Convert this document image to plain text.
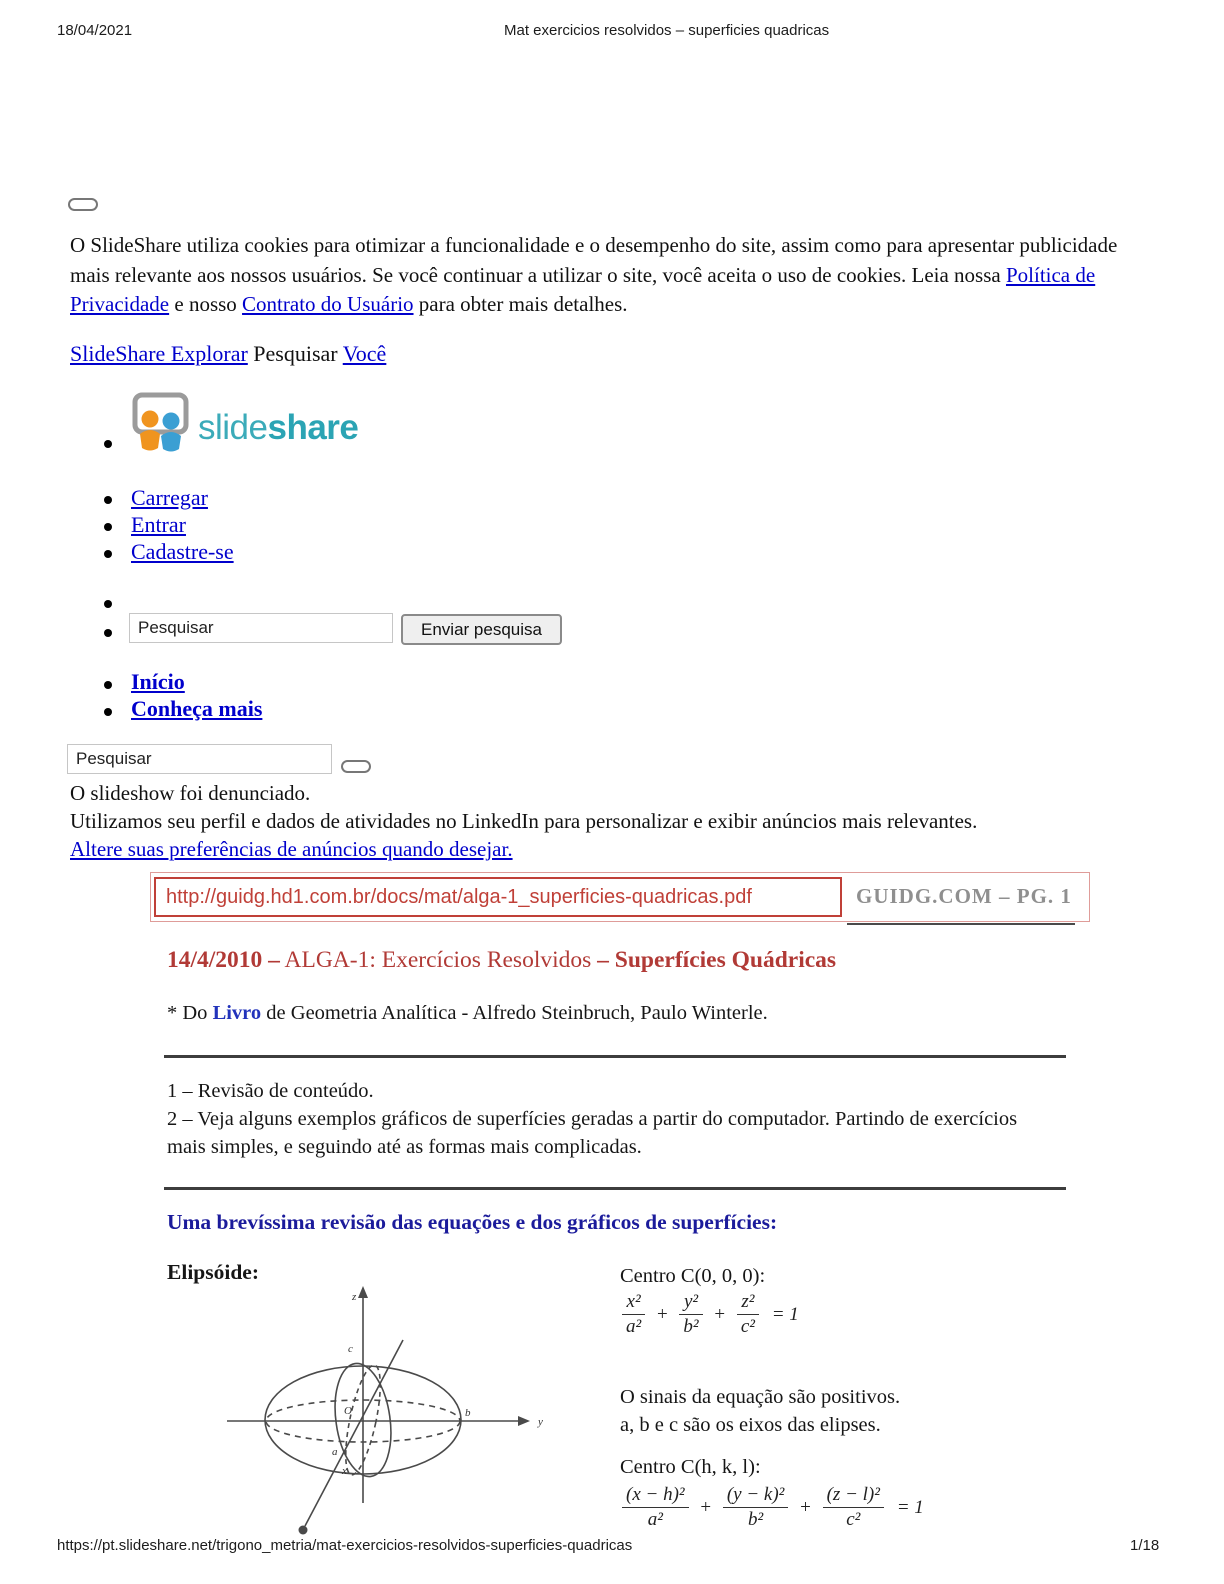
18/04/2021	Mat exercicios resolvidos – superficies quadricas
O SlideShare utiliza cookies para otimizar a funcionalidade e o desempenho do site, assim como para apresentar publicidade mais relevante aos nossos usuários. Se você continuar a utilizar o site, você aceita o uso de cookies. Leia nossa Política de Privacidade e nosso Contrato do Usuário para obter mais detalhes.
SlideShare Explorar Pesquisar Você
slideshare
Carregar
Entrar
Cadastre-se
Pesquisar
Enviar pesquisa
Início
Conheça mais
Pesquisar
O slideshow foi denunciado.
Utilizamos seu perfil e dados de atividades no LinkedIn para personalizar e exibir anúncios mais relevantes.
Altere suas preferências de anúncios quando desejar.
http://guidg.hd1.com.br/docs/mat/alga-1_superficies-quadricas.pdf	GUIDG.COM – PG. 1
14/4/2010 – ALGA-1: Exercícios Resolvidos – Superfícies Quádricas
* Do Livro de Geometria Analítica - Alfredo Steinbruch, Paulo Winterle.
1 – Revisão de conteúdo.
2 – Veja alguns exemplos gráficos de superfícies geradas a partir do computador. Partindo de exercícios mais simples, e seguindo até as formas mais complicadas.
Uma brevíssima revisão das equações e dos gráficos de superfícies:
Elipsóide:
z
y
x
c
O	b
a
Centro C(0, 0, 0):
$\frac{\text{x²}}{\text{a²}} + \frac{\text{y²}}{\text{b²}} + \frac{\text{z²}}{\text{c²}} = 1$
O sinais da equação são positivos.
a, b e c são os eixos das elipses.
Centro C(h, k, l):
$\frac{\text{(x − h)²}}{\text{a²}} + \frac{\text{(y − k)²}}{\text{b²}} + \frac{\text{(z − l)²}}{\text{c²}} = 1$
https://pt.slideshare.net/trigono_metria/mat-exercicios-resolvidos-superficies-quadricas	1/18
